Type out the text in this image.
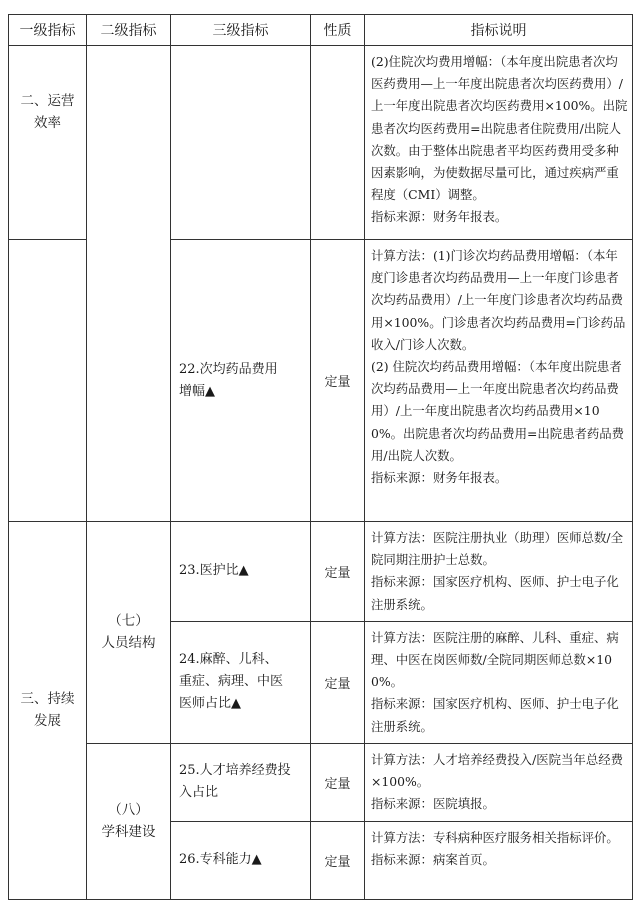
一级指标	二级指标	三级指标	性质	指标说明

二、运营
效率				(2)住院次均费用增幅：（本年度出院患者次均医药费用—上一年度出院患者次均医药费用）/上一年度出院患者次均医药费用×100%。出院患者次均医药费用=出院患者住院费用/出院人次数。由于整体出院患者平均医药费用受多种因素影响，为使数据尽量可比，通过疾病严重程度（CMI）调整。
指标来源：财务年报表。

		22.次均药品费用
增幅▲	定量	计算方法：(1)门诊次均药品费用增幅：（本年度门诊患者次均药品费用—上一年度门诊患者次均药品费用）/上一年度门诊患者次均药品费用×100%。门诊患者次均药品费用=门诊药品收入/门诊人次数。
(2) 住院次均药品费用增幅：（本年度出院患者次均药品费用—上一年度出院患者次均药品费用）/上一年度出院患者次均药品费用×100%。出院患者次均药品费用=出院患者药品费用/出院人次数。
指标来源：财务年报表。

三、持续
发展	（七）
人员结构	23.医护比▲	定量	计算方法：医院注册执业（助理）医师总数/全院同期注册护士总数。
指标来源：国家医疗机构、医师、护士电子化注册系统。

		24.麻醉、儿科、
重症、病理、中医
医师占比▲	定量	计算方法：医院注册的麻醉、儿科、重症、病理、中医在岗医师数/全院同期医师总数×100%。
指标来源：国家医疗机构、医师、护士电子化注册系统。

	（八）
学科建设	25.人才培养经费投
入占比	定量	计算方法：人才培养经费投入/医院当年总经费×100%。
指标来源：医院填报。

		26.专科能力▲	定量	计算方法：专科病种医疗服务相关指标评价。
指标来源：病案首页。
